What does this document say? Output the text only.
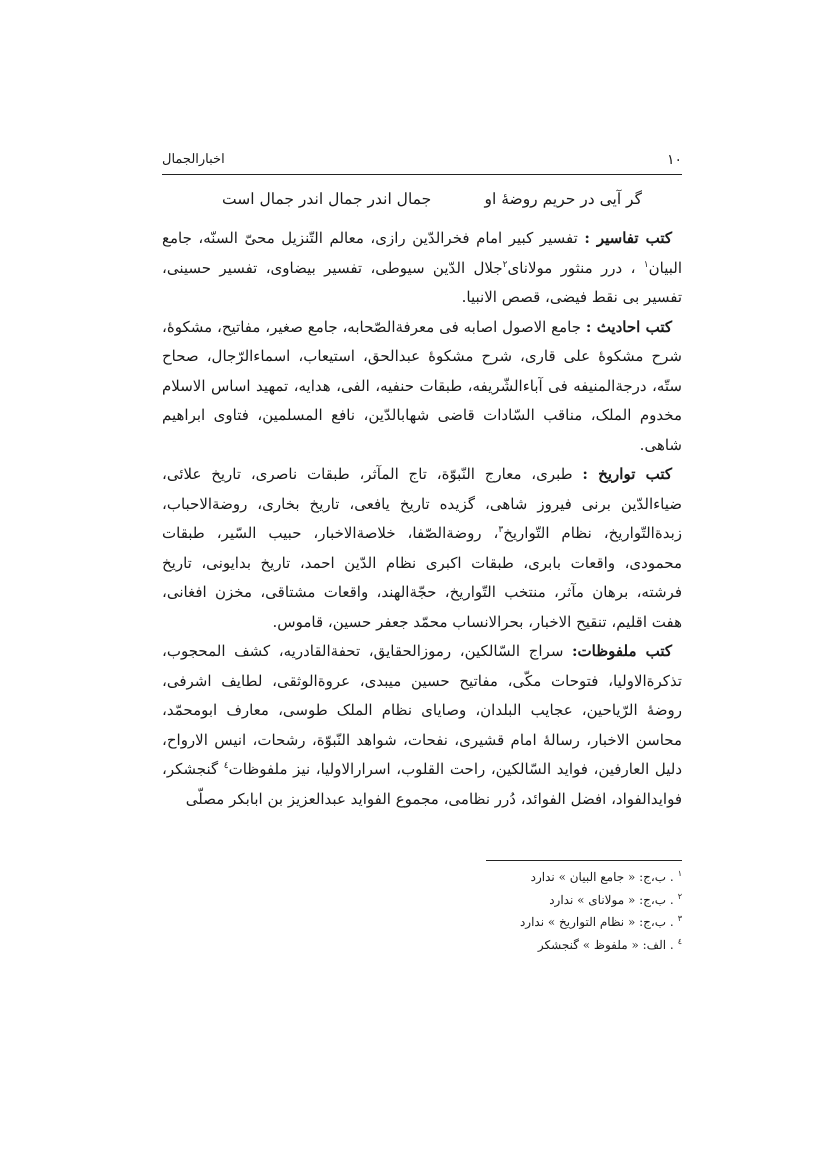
۱۰
اخبارالجمال
گر آیی در حریم روضۀ او
جمال اندر جمال اندر جمال است

کتب تفاسیر : تفسیر کبیر امام فخرالدّین رازی، معالم التّنزیل محیّ السنّه، جامع البیان$^۱$ ، درر منثور مولانای$^۲$جلال الدّین سیوطی، تفسیر بیضاوی، تفسیر حسینی، تفسیر بی نقط فیضی، قصص الانبیا.

کتب احادیث : جامع الاصول اصابه فی معرفةالصّحابه، جامع صغیر، مفاتیح، مشکوۀ، شرح مشکوۀ علی قاری، شرح مشکوۀ عبدالحق، استیعاب، اسماءالرّجال، صحاح ستّه، درجةالمنیفه فی آباءالشّریفه، طبقات حنفیه، الفی، هدایه، تمهید اساس الاسلام مخدوم الملک، مناقب السّادات قاضی شهابالدّین، نافع المسلمین، فتاوی ابراهیم شاهی.

کتب تواریخ : طبری، معارج النّبوّة، تاج المآثر، طبقات ناصری، تاریخ علائی، ضیاءالدّین برنی فیروز شاهی، گزیده تاریخ یافعی، تاریخ بخاری، روضةالاحباب، زبدةالتّواریخ، نظام التّواریخ$^۳$، روضةالصّفا، خلاصةالاخبار، حبیب السّیر، طبقات محمودی، واقعات بابری، طبقات اکبری نظام الدّین احمد، تاریخ بدایونی، تاریخ فرشته، برهان مآثر، منتخب التّواریخ، حجّةالهند، واقعات مشتاقی، مخزن افغانی، هفت اقلیم، تنقیح الاخبار، بحرالانساب محمّد جعفر حسین، قاموس.

کتب ملفوظات: سراج السّالکین، رموزالحقایق، تحفةالقادریه، کشف المحجوب، تذکرةالاولیا، فتوحات مکّی، مفاتیح حسین میبدی، عروةالوثقی، لطایف اشرفی، روضۀ الرّیاحین، عجایب البلدان، وصایای نظام الملک طوسی، معارف ابومحمّد، محاسن الاخبار، رسالۀ امام قشیری، نفحات، شواهد النّبوّة، رشحات، انیس الارواح، دلیل العارفین، فواید السّالکین، راحت القلوب، اسرارالاولیا، نیز ملفوظات$^٤$ گنجشکر، فوایدالفواد، افضل الفوائد، دُرر نظامی، مجموع الفواید عبدالعزیز بن ابابکر مصلّی

$^۱$. ب،ج: « جامع البیان » ندارد
$^۲$. ب،ج: « مولانای » ندارد
$^۳$. ب،ج: « نظام التواریخ » ندارد
$^٤$. الف: « ملفوظ » گنجشکر
